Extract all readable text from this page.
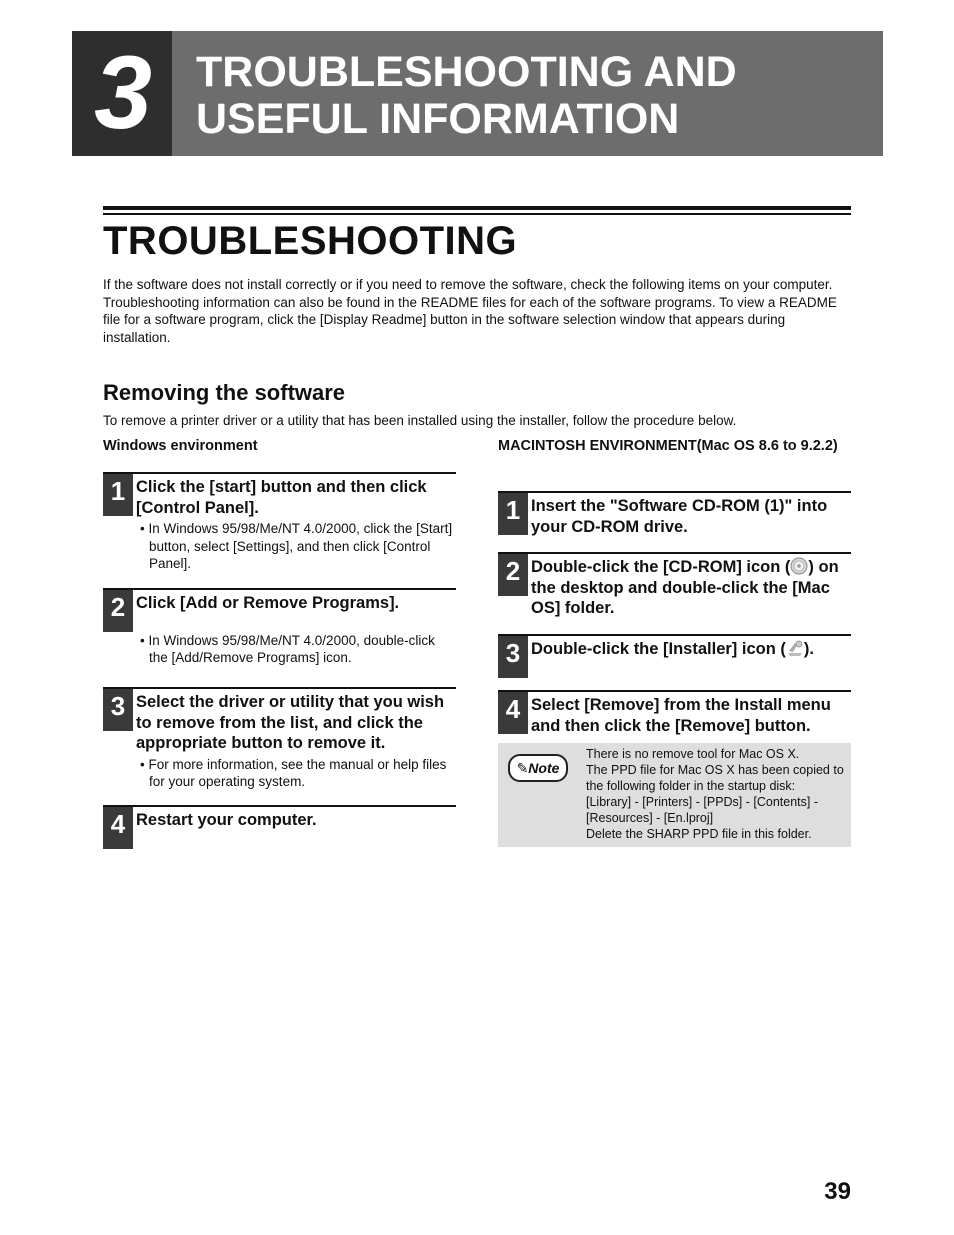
3	TROUBLESHOOTING AND
USEFUL INFORMATION
TROUBLESHOOTING

If the software does not install correctly or if you need to remove the software, check the following items on your computer.

Troubleshooting information can also be found in the README files for each of the software programs. To view a README file for a software program, click the [Display Readme] button in the software selection window that appears during installation.

Removing the software

To remove a printer driver or a utility that has been installed using the installer, follow the procedure below.

Windows environment
1 Click the [start] button and then click [Control Panel].

• In Windows 95/98/Me/NT 4.0/2000, click the [Start] button, select [Settings], and then click [Control Panel].

2 Click [Add or Remove Programs].

• In Windows 95/98/Me/NT 4.0/2000, double-click the [Add/Remove Programs] icon.

3 Select the driver or utility that you wish to remove from the list, and click the appropriate button to remove it.

• For more information, see the manual or help files for your operating system.

4 Restart your computer.

MACINTOSH ENVIRONMENT(Mac OS 8.6 to 9.2.2)
1 Insert the "Software CD-ROM (1)" into your CD-ROM drive.

2 Double-click the [CD-ROM] icon ( ) on the desktop and double-click the [Mac OS] folder.

3 Double-click the [Installer] icon ( ).

4 Select [Remove] from the Install menu and then click the [Remove] button.

✎Note

There is no remove tool for Mac OS X.
The PPD file for Mac OS X has been copied to the following folder in the startup disk:
[Library] - [Printers] - [PPDs] - [Contents] - [Resources] - [En.lproj]
Delete the SHARP PPD file in this folder.

39
